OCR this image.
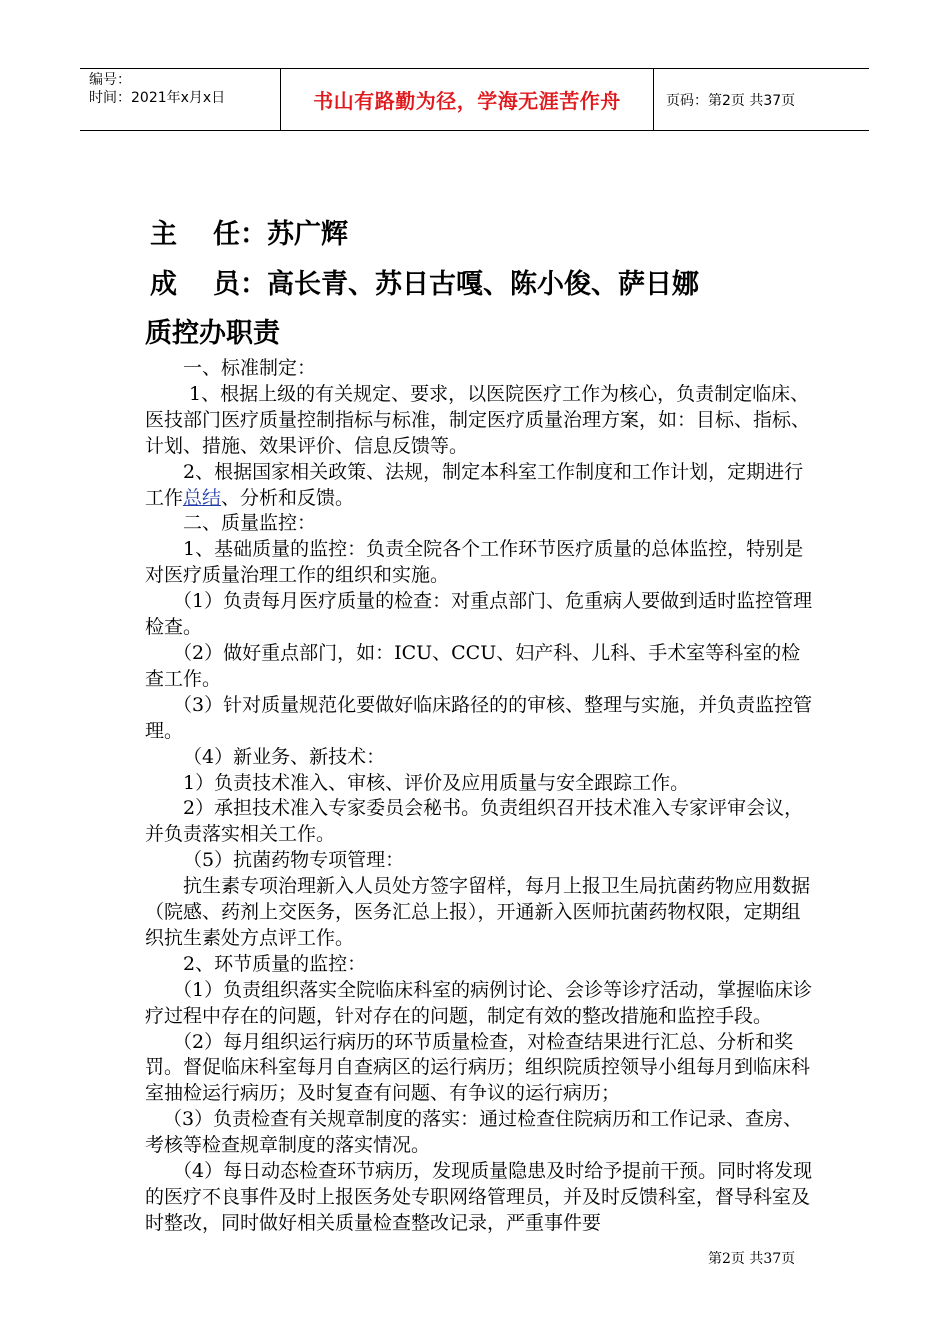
编号：
时间：2021年x月x日	书山有路勤为径，学海无涯苦作舟	页码：第2页 共37页
主 任：苏广辉
成 员：高长青、苏日古嘎、陈小俊、萨日娜
质控办职责

一、标准制定：

1、根据上级的有关规定、要求，以医院医疗工作为核心，负责制定临床、医技部门医疗质量控制指标与标准，制定医疗质量治理方案，如：目标、指标、计划、措施、效果评价、信息反馈等。

2、根据国家相关政策、法规，制定本科室工作制度和工作计划，定期进行工作总结、分析和反馈。

二、质量监控：

1、基础质量的监控：负责全院各个工作环节医疗质量的总体监控，特别是对医疗质量治理工作的组织和实施。

（1）负责每月医疗质量的检查：对重点部门、危重病人要做到适时监控管理检查。

（2）做好重点部门，如：ICU、CCU、妇产科、儿科、手术室等科室的检查工作。

（3）针对质量规范化要做好临床路径的的审核、整理与实施，并负责监控管理。

（4）新业务、新技术：

1）负责技术准入、审核、评价及应用质量与安全跟踪工作。

2）承担技术准入专家委员会秘书。负责组织召开技术准入专家评审会议，并负责落实相关工作。

（5）抗菌药物专项管理：

抗生素专项治理新入人员处方签字留样，每月上报卫生局抗菌药物应用数据（院感、药剂上交医务，医务汇总上报），开通新入医师抗菌药物权限，定期组织抗生素处方点评工作。

2、环节质量的监控：

（1）负责组织落实全院临床科室的病例讨论、会诊等诊疗活动，掌握临床诊疗过程中存在的问题，针对存在的问题，制定有效的整改措施和监控手段。

（2）每月组织运行病历的环节质量检查，对检查结果进行汇总、分析和奖罚。督促临床科室每月自查病区的运行病历；组织院质控领导小组每月到临床科室抽检运行病历；及时复查有问题、有争议的运行病历；

（3）负责检查有关规章制度的落实：通过检查住院病历和工作记录、查房、考核等检查规章制度的落实情况。

（4）每日动态检查环节病历，发现质量隐患及时给予提前干预。同时将发现的医疗不良事件及时上报医务处专职网络管理员，并及时反馈科室，督导科室及时整改，同时做好相关质量检查整改记录，严重事件要

第2页 共37页
